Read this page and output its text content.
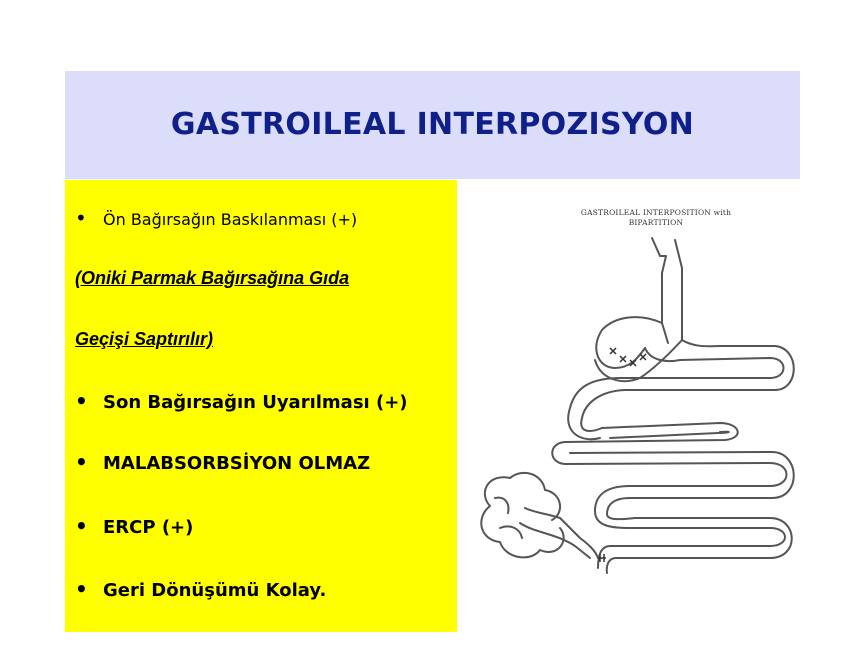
GASTROILEAL INTERPOZISYON
• Ön Bağırsağın Baskılanması (+)
(Oniki Parmak Bağırsağına Gıda
Geçişi Saptırılır)
• Son Bağırsağın Uyarılması (+)
• MALABSORBSİYON OLMAZ
• ERCP (+)
• Geri Dönüşümü Kolay.
GASTROILEAL INTERPOSITION with
BIPARTITION
